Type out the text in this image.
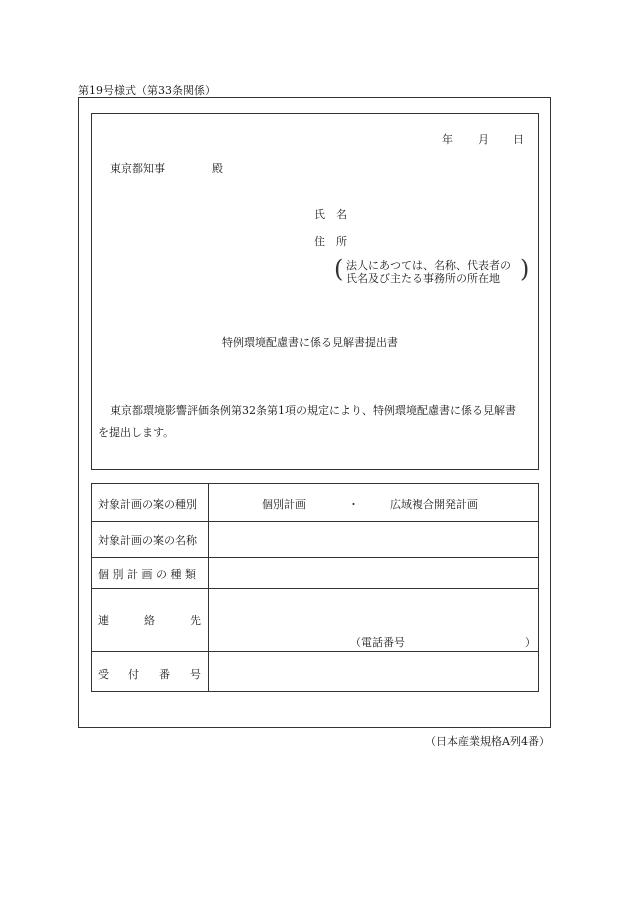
第19号様式（第33条関係）
年 月 日
東京都知事	殿
氏　名
住　所
( 法人にあつては、名称、代表者の
氏名及び主たる事務所の所在地 )
特例環境配慮書に係る見解書提出書
東京都環境影響評価条例第32条第1項の規定により、特例環境配慮書に係る見解書
を提出します。
対象計画の案の種別	個別計画	・	広域複合開発計画
対象計画の案の名称
個 別 計 画 の 種 類
連	絡	先
（電話番号	）
受 付 番 号
（日本産業規格A列4番）
